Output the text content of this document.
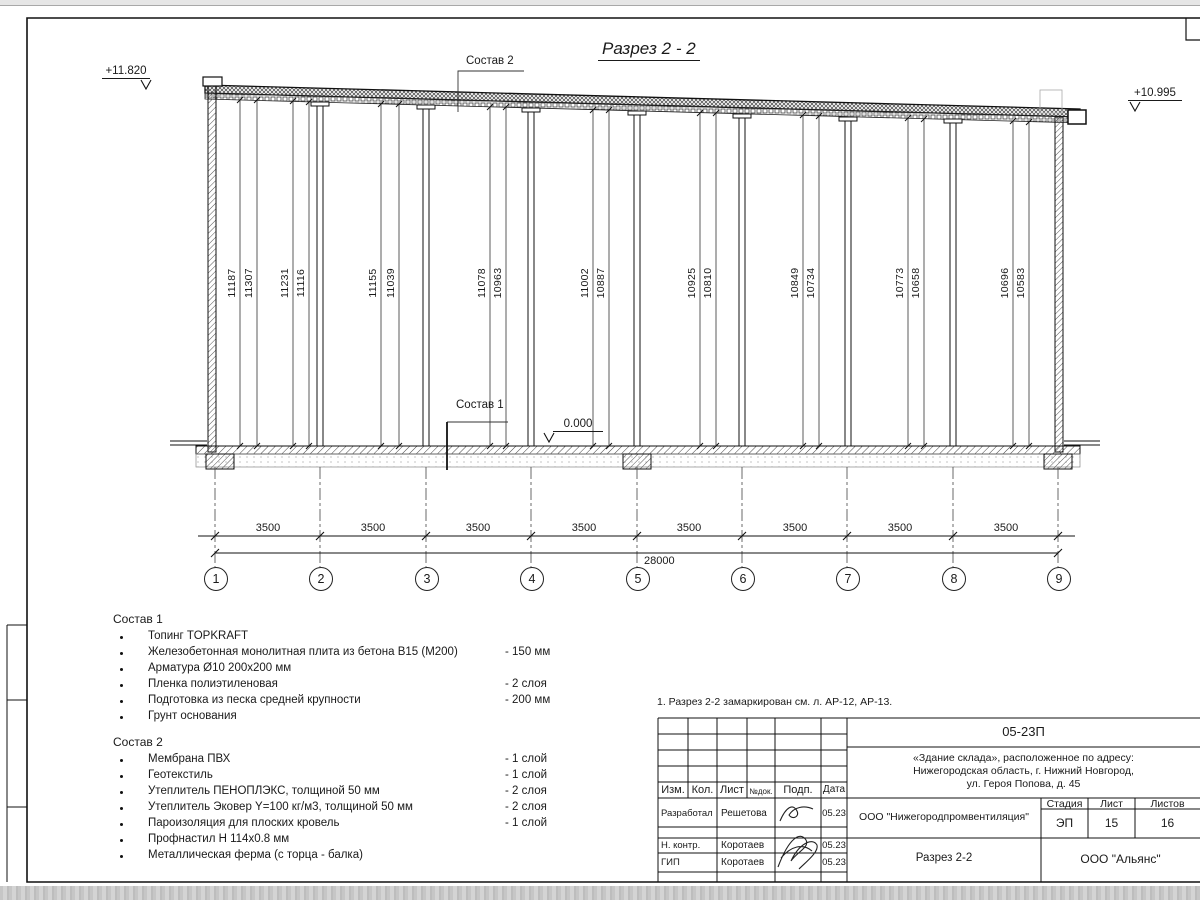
Разрез 2 - 2
+11.820
+10.995
0.000
Состав 2
Состав 1
11187 11307 11231 11116	11155 11039	11078 10963	11002 10887	10925 10810	10849 10734	10773 10658	10696 10583
3500	3500	3500	3500	3500	3500	3500	3500
28000
1	2	3	4	5	6	7	8	9
Состав 1
Топинг TOPKRAFT
Железобетонная монолитная плита из бетона В15 (М200)	- 150 мм
Арматура Ø10 200х200 мм
Пленка полиэтиленовая	- 2 слоя
Подготовка из песка средней крупности	- 200 мм
Грунт основания
Состав 2
Мембрана ПВХ	- 1 слой
Геотекстиль	- 1 слой
Утеплитель ПЕНОПЛЭКС, толщиной 50 мм	- 2 слоя
Утеплитель Эковер Y=100 кг/м3, толщиной 50 мм	- 2 слоя
Пароизоляция для плоских кровель	- 1 слой
Профнастил Н 114х0.8 мм
Металлическая ферма (с торца - балка)
1. Разрез 2-2 замаркирован см. л. АР-12, АР-13.
05-23П
«Здание склада», расположенное по адресу:
Нижегородская область, г. Нижний Новгород,
ул. Героя Попова, д. 45
Изм. Кол. Лист №док. Подп.	Дата
Разработал Решетова	05.23
Н. контр. Коротаев	05.23
ГИП	Коротаев	05.23
ООО "Нижегородпромвентиляция"
Разрез 2-2
Стадия	Лист	Листов
ЭП	15	16
ООО "Альянс"
